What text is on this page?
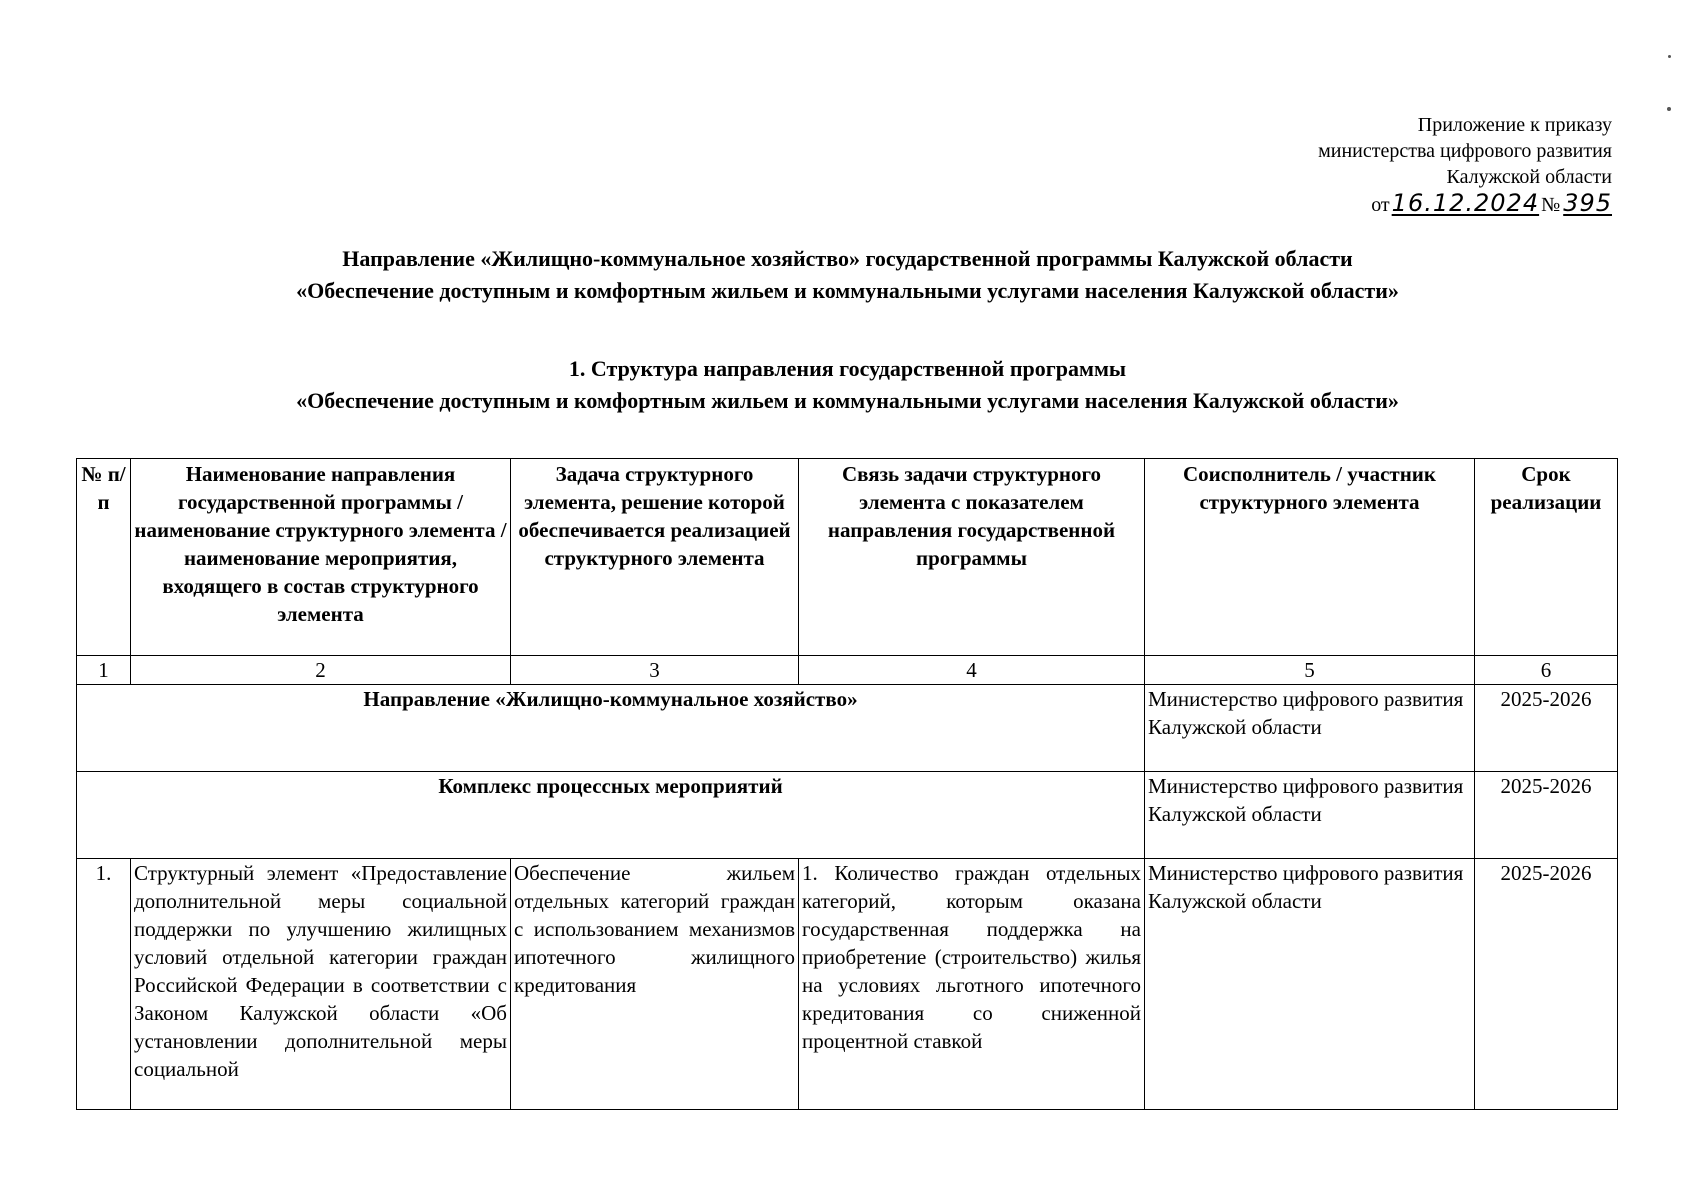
Приложение к приказу
министерства цифрового развития
Калужской области
от16.12.2024 № 395
Направление «Жилищно-коммунальное хозяйство» государственной программы Калужской области
«Обеспечение доступным и комфортным жильем и коммунальными услугами населения Калужской области»
1. Структура направления государственной программы
«Обеспечение доступным и комфортным жильем и коммунальными услугами населения Калужской области»
№ п/п	Наименование направления государственной программы / наименование структурного элемента / наименование мероприятия, входящего в состав структурного элемента	Задача структурного элемента, решение которой обеспечивается реализацией структурного элемента	Связь задачи структурного элемента с показателем направления государственной программы	Соисполнитель / участник структурного элемента	Срок реализации
1	2	3	4	5	6
Направление «Жилищно-коммунальное хозяйство»				Министерство цифрового развития Калужской области	2025-2026
Комплекс процессных мероприятий				Министерство цифрового развития Калужской области	2025-2026
1.	Структурный элемент «Предоставление дополнительной меры социальной поддержки по улучшению жилищных условий отдельной категории граждан Российской Федерации в соответствии с Законом Калужской области «Об установлении дополнительной меры социальной	Обеспечение жильем отдельных категорий граждан с использованием механизмов ипотечного жилищного кредитования	1. Количество граждан отдельных категорий, которым оказана государственная поддержка на приобретение (строительство) жилья на условиях льготного ипотечного кредитования со сниженной процентной ставкой	Министерство цифрового развития Калужской области	2025-2026
